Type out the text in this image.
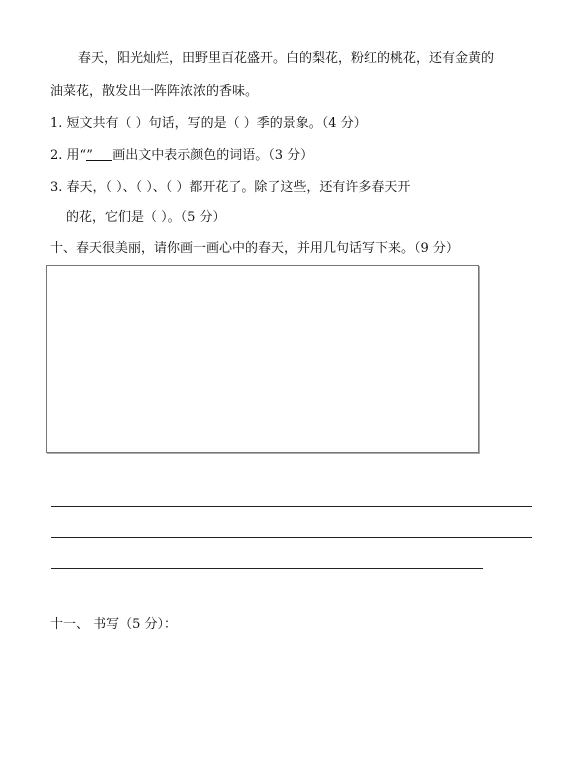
春天，阳光灿烂，田野里百花盛开。白的梨花，粉红的桃花，还有金黄的
油菜花，散发出一阵阵浓浓的香味。
1. 短文共有（ ）句话，写的是（ ）季的景象。（4 分）
2. 用“” 画出文中表示颜色的词语。（3 分）
3. 春天，（ ）、（ ）、（ ）都开花了。除了这些，还有许多春天开
的花，它们是（ ）。（5 分）
十、春天很美丽，请你画一画心中的春天，并用几句话写下来。（9 分）
十一、 书写（5 分）：
